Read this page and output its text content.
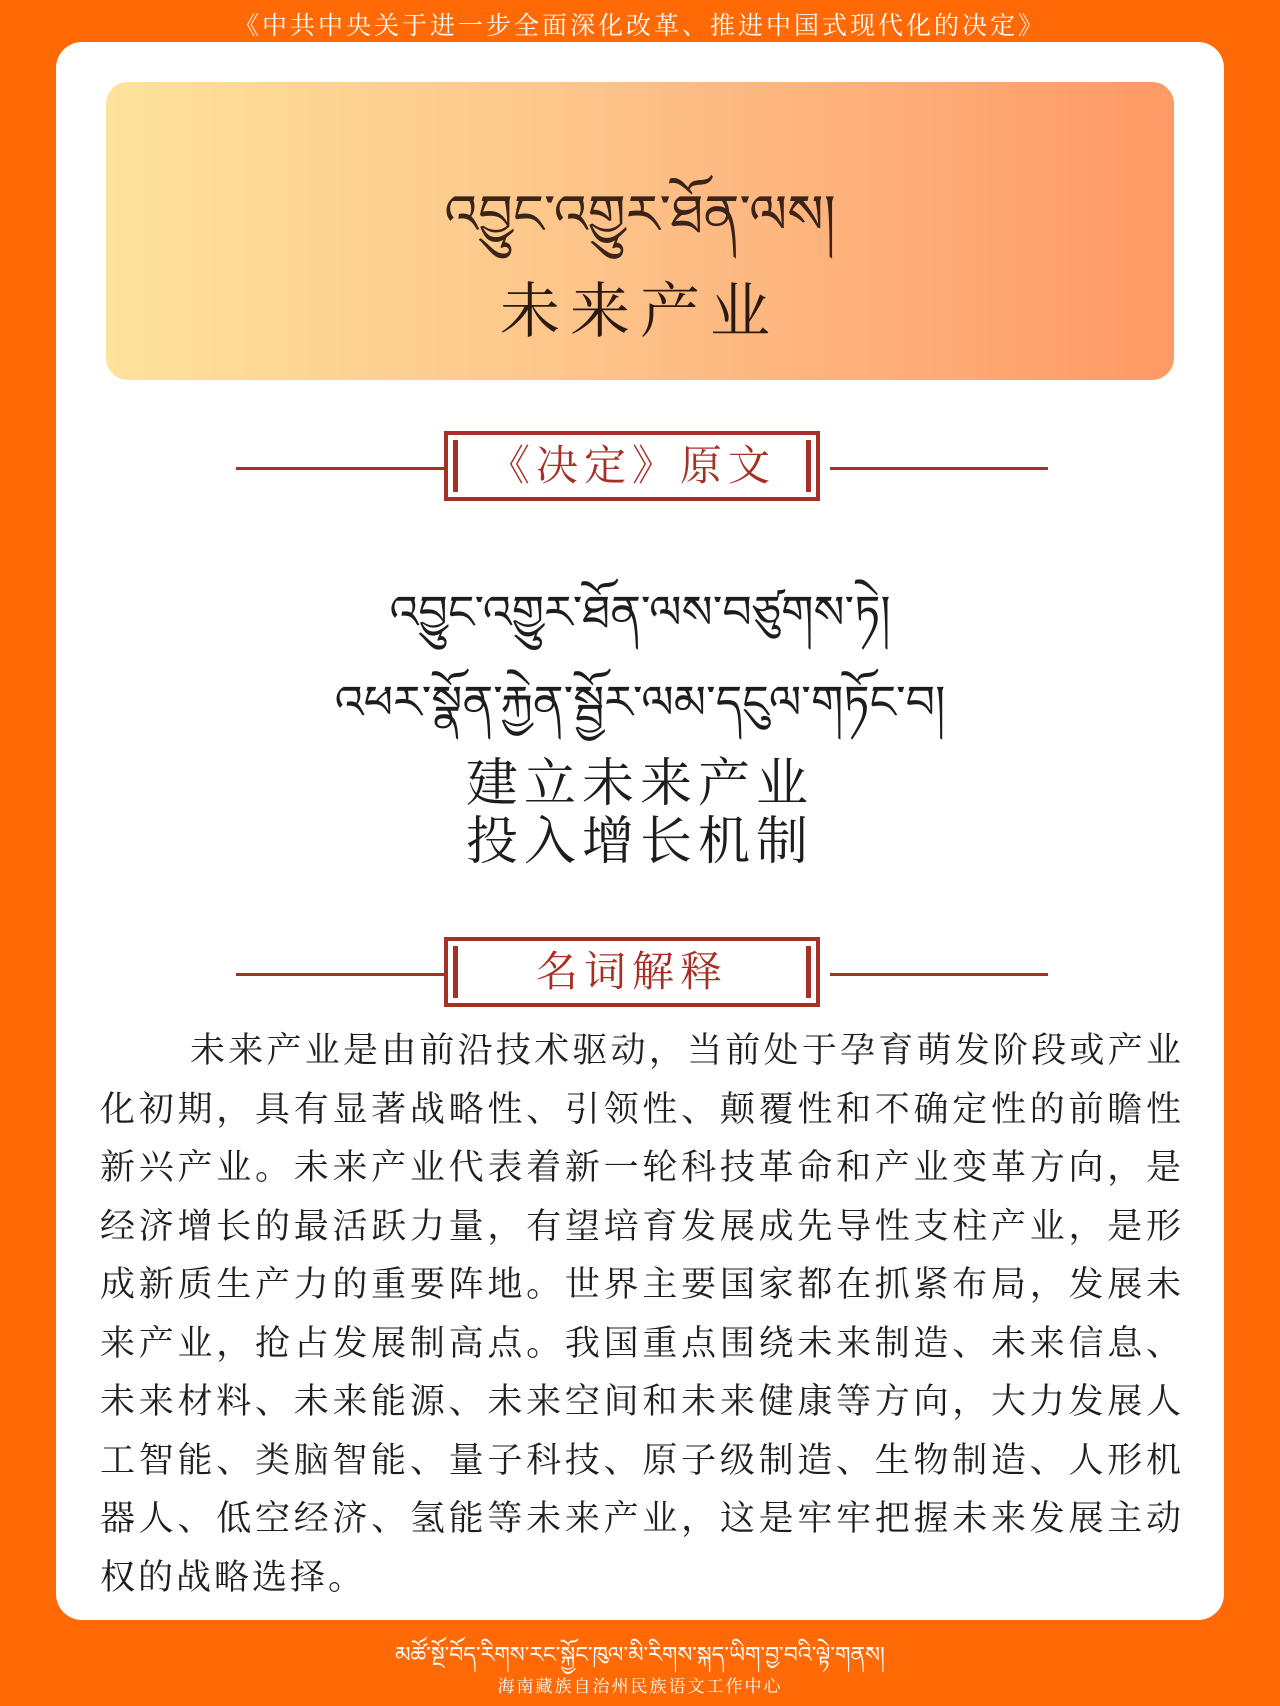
《中共中央关于进一步全面深化改革、推进中国式现代化的决定》
འབྱུང་འགྱུར་ཐོན་ལས།
未来产业
《决定》原文
འབྱུང་འགྱུར་ཐོན་ལས་བཙུགས་ཏེ།
འཕར་སྣོན་རྐྱེན་སྦྱོར་ལམ་དངུལ་གཏོང་བ།
建立未来产业
投入增长机制
名词解释
未来产业是由前沿技术驱动，当前处于孕育萌发阶段或产业化初期，具有显著战略性、引领性、颠覆性和不确定性的前瞻性新兴产业。未来产业代表着新一轮科技革命和产业变革方向，是经济增长的最活跃力量，有望培育发展成先导性支柱产业，是形成新质生产力的重要阵地。世界主要国家都在抓紧布局，发展未来产业，抢占发展制高点。我国重点围绕未来制造、未来信息、未来材料、未来能源、未来空间和未来健康等方向，大力发展人工智能、类脑智能、量子科技、原子级制造、生物制造、人形机器人、低空经济、氢能等未来产业，这是牢牢把握未来发展主动权的战略选择。
མཚོ་སྔོ་བོད་རིགས་རང་སྐྱོང་ཁུལ་མི་རིགས་སྐད་ཡིག་བྱ་བའི་ལྟེ་གནས།
海南藏族自治州民族语文工作中心
